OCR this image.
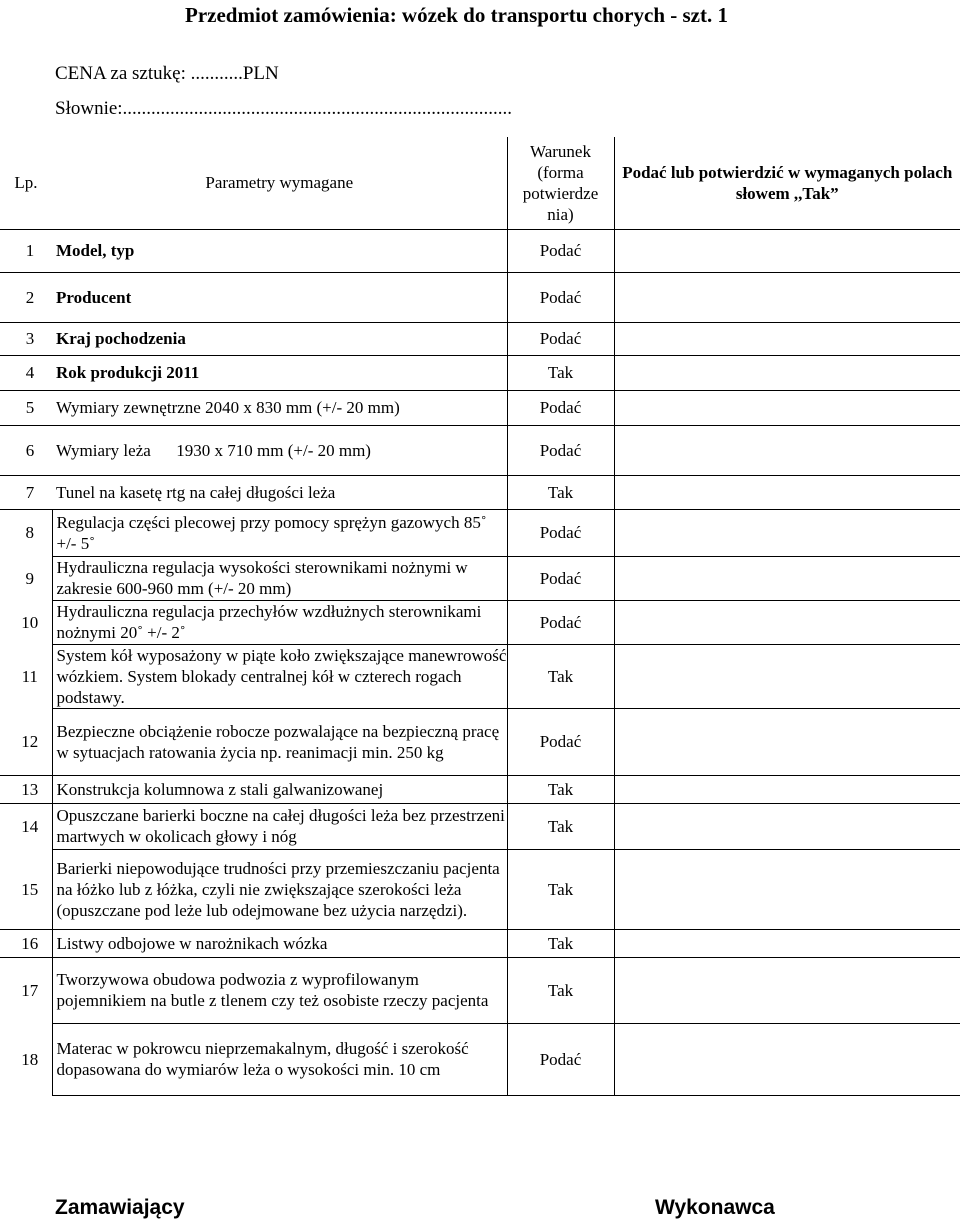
Przedmiot zamówienia: wózek do transportu chorych - szt. 1
CENA za sztukę: ...........PLN
Słownie:..................................................................................
Lp.	Parametry wymagane	Warunek (forma potwierdze nia)	Podać lub potwierdzić w wymaganych polach słowem ,,Tak”
1	Model, typ	Podać	
2	Producent	Podać	
3	Kraj pochodzenia	Podać	
4	Rok produkcji 2011	Tak	
5	Wymiary zewnętrzne 2040 x 830 mm (+/- 20 mm)	Podać	
6	Wymiary leża      1930 x 710 mm (+/- 20 mm)	Podać	
7	Tunel na kasetę rtg na całej długości leża	Tak	
8	Regulacja części plecowej przy pomocy sprężyn gazowych 85˚ +/- 5˚	Podać	
9	Hydrauliczna regulacja wysokości sterownikami nożnymi w zakresie 600-960 mm (+/- 20 mm)	Podać	
10	Hydrauliczna regulacja przechyłów wzdłużnych sterownikami nożnymi 20˚ +/- 2˚	Podać	
11	System kół wyposażony w piąte koło zwiększające manewrowość wózkiem. System blokady centralnej kół w czterech rogach podstawy.	Tak	
12	Bezpieczne obciążenie robocze pozwalające na bezpieczną pracę w sytuacjach ratowania życia np. reanimacji min. 250 kg	Podać	
13	Konstrukcja kolumnowa z stali galwanizowanej	Tak	
14	Opuszczane barierki boczne na całej długości leża bez przestrzeni martwych w okolicach głowy i nóg	Tak	
15	Barierki niepowodujące trudności przy przemieszczaniu pacjenta na łóżko lub z łóżka, czyli nie zwiększające szerokości leża (opuszczane pod leże lub odejmowane bez użycia narzędzi).	Tak	
16	Listwy odbojowe w narożnikach wózka	Tak	
17	Tworzywowa obudowa podwozia z wyprofilowanym pojemnikiem na butle z tlenem czy też osobiste rzeczy pacjenta	Tak	
18	Materac w pokrowcu nieprzemakalnym, długość i szerokość dopasowana do wymiarów leża o wysokości min. 10 cm	Podać	
Zamawiający	Wykonawca
